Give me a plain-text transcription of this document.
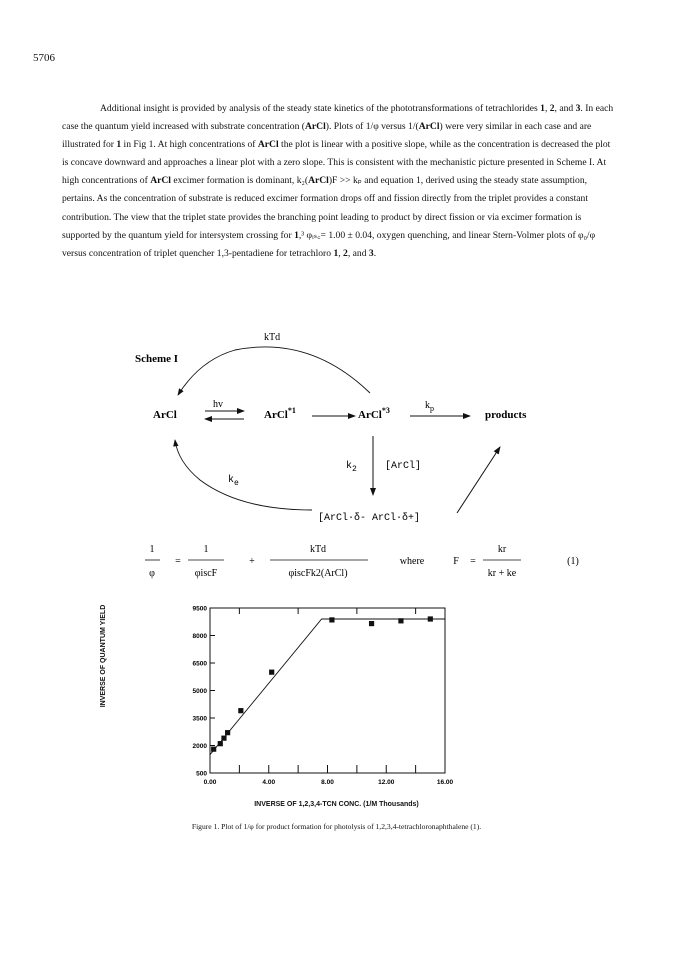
5706

Additional insight is provided by analysis of the steady state kinetics of the phototransformations of tetrachlorides 1, 2, and 3. In each case the quantum yield increased with substrate concentration (ArCl). Plots of 1/φ versus 1/(ArCl) were very similar in each case and are illustrated for 1 in Fig 1. At high concentrations of ArCl the plot is linear with a positive slope, while as the concentration is decreased the plot is concave downward and approaches a linear plot with a zero slope. This is consistent with the mechanistic picture presented in Scheme I. At high concentrations of ArCl excimer formation is dominant, k₂(ArCl)F >> kₚ and equation 1, derived using the steady state assumption, pertains. As the concentration of substrate is reduced excimer formation drops off and fission directly from the triplet provides a constant contribution. The view that the triplet state provides the branching point leading to product by direct fission or via excimer formation is supported by the quantum yield for intersystem crossing for 1,³ φᵢₛ꜀= 1.00 ± 0.04, oxygen quenching, and linear Stern-Volmer plots of φ₀/φ versus concentration of triplet quencher 1,3-pentadiene for tetrachloro 1, 2, and 3.

Scheme I
kTd
ArCl
hv
ArCl$^{*1}$	ArCl$^{*3}$	$k_p$
products
$k_2$	[ArCl]
[ArCl·δ- ArCl·δ+]
$k_e$
1
φ
=
1
φiscF
+
kTd
φiscFk2(ArCl)
where	F =
kr
kr + ke
(1)
500
2000
3500
5000
6500
8000
9500
0.00	4.00	8.00	12.00	16.00
INVERSE OF QUANTUM YIELD
INVERSE OF 1,2,3,4-TCN CONC. (1/M Thousands)
Figure 1. Plot of 1/φ for product formation for photolysis of 1,2,3,4-tetrachloronaphthalene (1).
